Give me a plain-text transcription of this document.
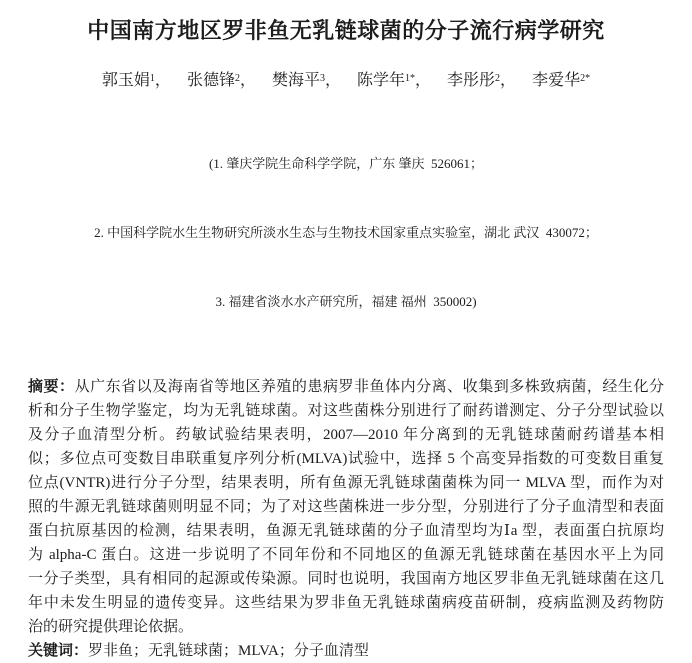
中国南方地区罗非鱼无乳链球菌的分子流行病学研究
郭玉娟$^1$， 张德锋$^2$， 樊海平$^3$， 陈学年$^{1*}$， 李彤彤$^2$， 李爱华$^{2*}$

(1. 肇庆学院生命科学学院，广东 肇庆  526061；

2. 中国科学院水生生物研究所淡水生态与生物技术国家重点实验室，湖北 武汉  430072；

3. 福建省淡水水产研究所，福建 福州  350002)

摘要：从广东省以及海南省等地区养殖的患病罗非鱼体内分离、收集到多株致病菌，经生化分
析和分子生物学鉴定，均为无乳链球菌。对这些菌株分别进行了耐药谱测定、分子分型试验以
及分子血清型分析。药敏试验结果表明，2007—2010 年分离到的无乳链球菌耐药谱基本相
似；多位点可变数目串联重复序列分析(MLVA)试验中，选择 5 个高变异指数的可变数目重复
位点(VNTR)进行分子分型，结果表明，所有鱼源无乳链球菌菌株为同一 MLVA 型，而作为对
照的牛源无乳链球菌则明显不同；为了对这些菌株进一步分型，分别进行了分子血清型和表面
蛋白抗原基因的检测，结果表明，鱼源无乳链球菌的分子血清型均为Ⅰa 型，表面蛋白抗原均
为 alpha-C 蛋白。这进一步说明了不同年份和不同地区的鱼源无乳链球菌在基因水平上为同
一分子类型，具有相同的起源或传染源。同时也说明，我国南方地区罗非鱼无乳链球菌在这几
年中未发生明显的遗传变异。这些结果为罗非鱼无乳链球菌病疫苗研制，疫病监测及药物防
治的研究提供理论依据。
关键词：罗非鱼；无乳链球菌；MLVA；分子血清型
